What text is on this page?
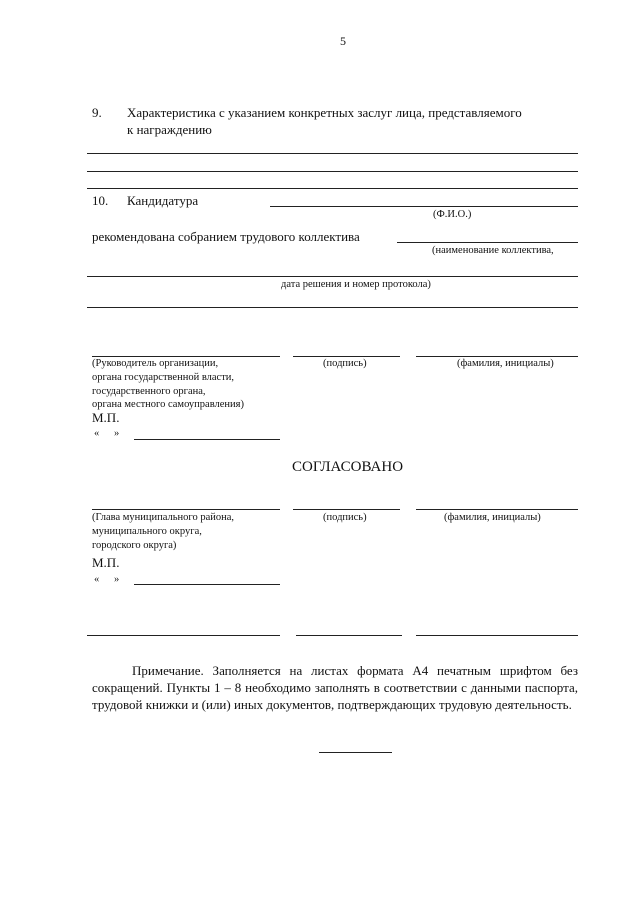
5
9. Характеристика с указанием конкретных заслуг лица, представляемого
к награждению
10. Кандидатура
(Ф.И.О.)
рекомендована собранием трудового коллектива
(наименование коллектива,
дата решения и номер протокола)
(Руководитель организации,
органа государственной власти,
государственного органа,
органа местного самоуправления)
(подпись)	(фамилия, инициалы)
М.П.
« »
СОГЛАСОВАНО
(Глава муниципального района,
муниципального округа,
городского округа)
(подпись)	(фамилия, инициалы)
М.П.
« »
Примечание. Заполняется на листах формата А4 печатным шрифтом без сокращений. Пункты 1 – 8 необходимо заполнять в соответствии с данными паспорта, трудовой книжки и (или) иных документов, подтверждающих трудовую деятельность.
